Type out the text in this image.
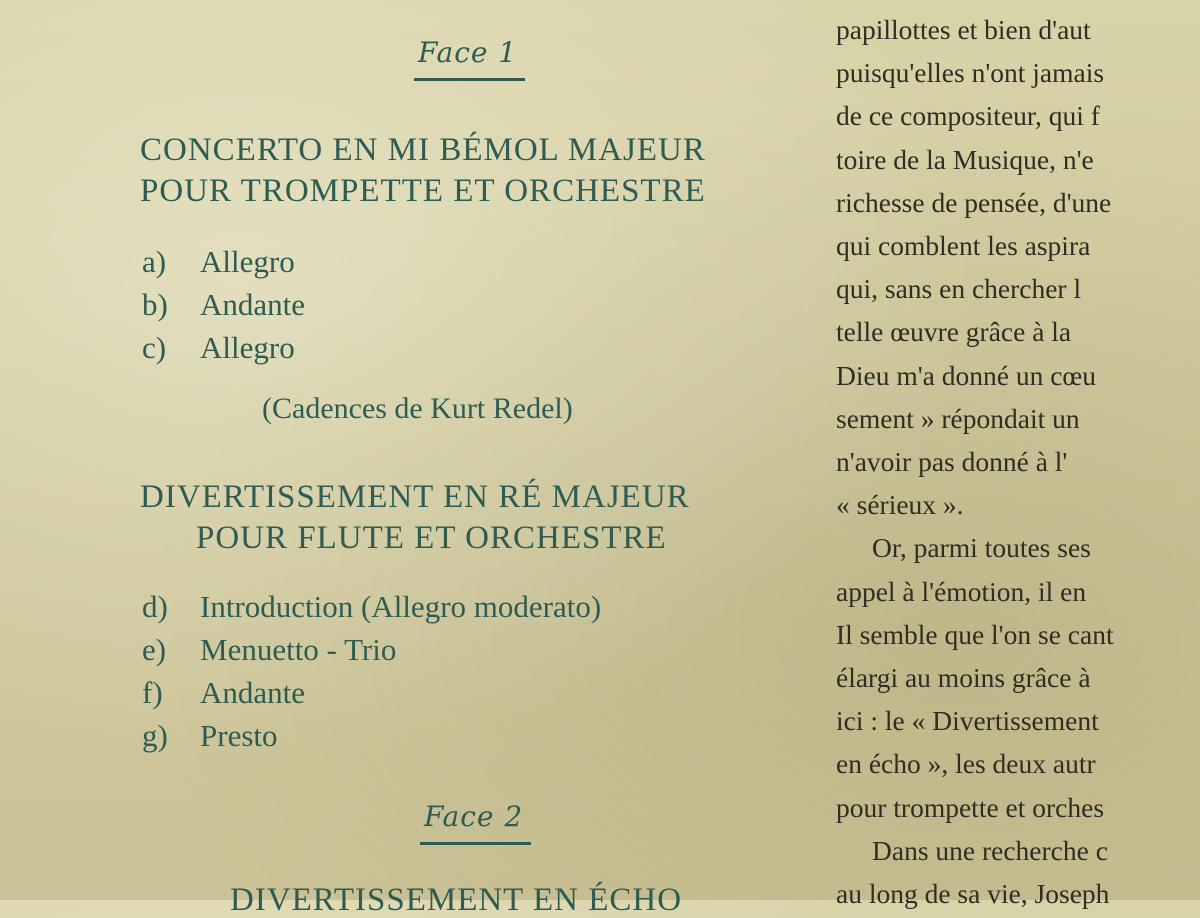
Face 1
CONCERTO EN MI BÉMOL MAJEUR
POUR TROMPETTE ET ORCHESTRE
a) Allegro
b) Andante
c) Allegro
(Cadences de Kurt Redel)
DIVERTISSEMENT EN RÉ MAJEUR
POUR FLUTE ET ORCHESTRE
d) Introduction (Allegro moderato)
e) Menuetto - Trio
f) Andante
g) Presto
Face 2
DIVERTISSEMENT EN ÉCHO

papillottes et bien d'aut

puisqu'elles n'ont jamais

de ce compositeur, qui f

toire de la Musique, n'e

richesse de pensée, d'une

qui comblent les aspira

qui, sans en chercher l

telle œuvre grâce à la

Dieu m'a donné un cœu

sement » répondait un

n'avoir pas donné à l'

« sérieux ».

Or, parmi toutes ses

appel à l'émotion, il en

Il semble que l'on se cant

élargi au moins grâce à

ici : le « Divertissement

en écho », les deux autr

pour trompette et orches

Dans une recherche c

au long de sa vie, Joseph
